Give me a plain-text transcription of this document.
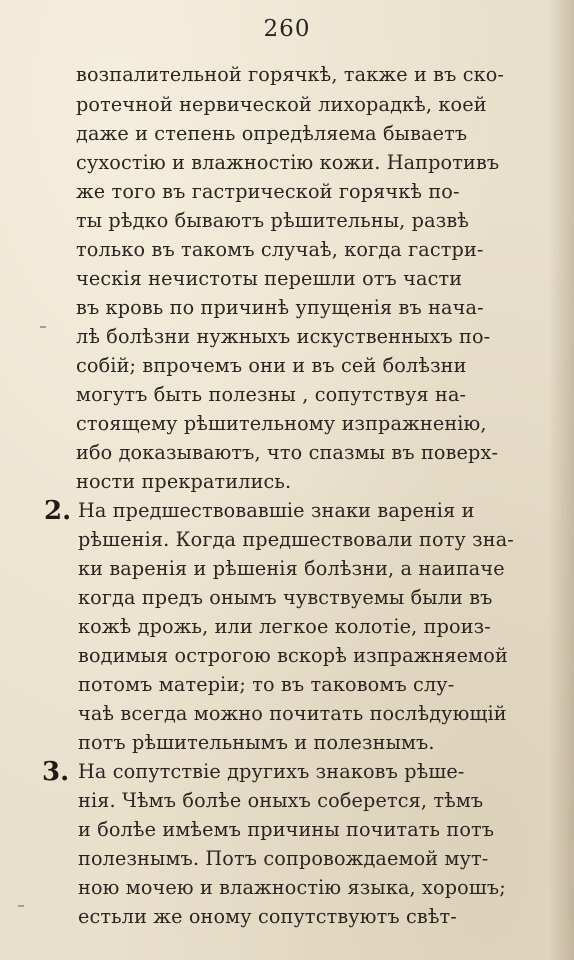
260
возпалительной горячкѣ, также и въ ско-
ротечной нервической лихорадкѣ, коей
даже и степень опредѣляема бываетъ
сухостію и влажностію кожи. Напротивъ
же того въ гастрической горячкѣ по-
ты рѣдко бываютъ рѣшительны, развѣ
только въ такомъ случаѣ, когда гастри-
ческія нечистоты перешли отъ части
въ кровь по причинѣ упущенія въ нача-
лѣ болѣзни нужныхъ искуственныхъ по-
собій; впрочемъ они и въ сей болѣзни
могутъ быть полезны , сопутствуя на-
стоящему рѣшительному изпражненію,
ибо доказываютъ, что спазмы въ поверх-
ности прекратились.
2. На предшествовавшіе знаки варенія и
рѣшенія. Когда предшествовали поту зна-
ки варенія и рѣшенія болѣзни, а наипаче
когда предъ онымъ чувствуемы были въ
кожѣ дрожь, или легкое колотіе, произ-
водимыя острогою вскорѣ изпражняемой
потомъ матеріи; то въ таковомъ слу-
чаѣ всегда можно почитать послѣдующій
потъ рѣшительнымъ и полезнымъ.
3. На сопутствіе другихъ знаковъ рѣше-
нія. Чѣмъ болѣе оныхъ соберется, тѣмъ
и болѣе имѣемъ причины почитать потъ
полезнымъ. Потъ сопровождаемой мут-
ною мочею и влажностію языка, хорошъ;
естьли же оному сопутствуютъ свѣт-
